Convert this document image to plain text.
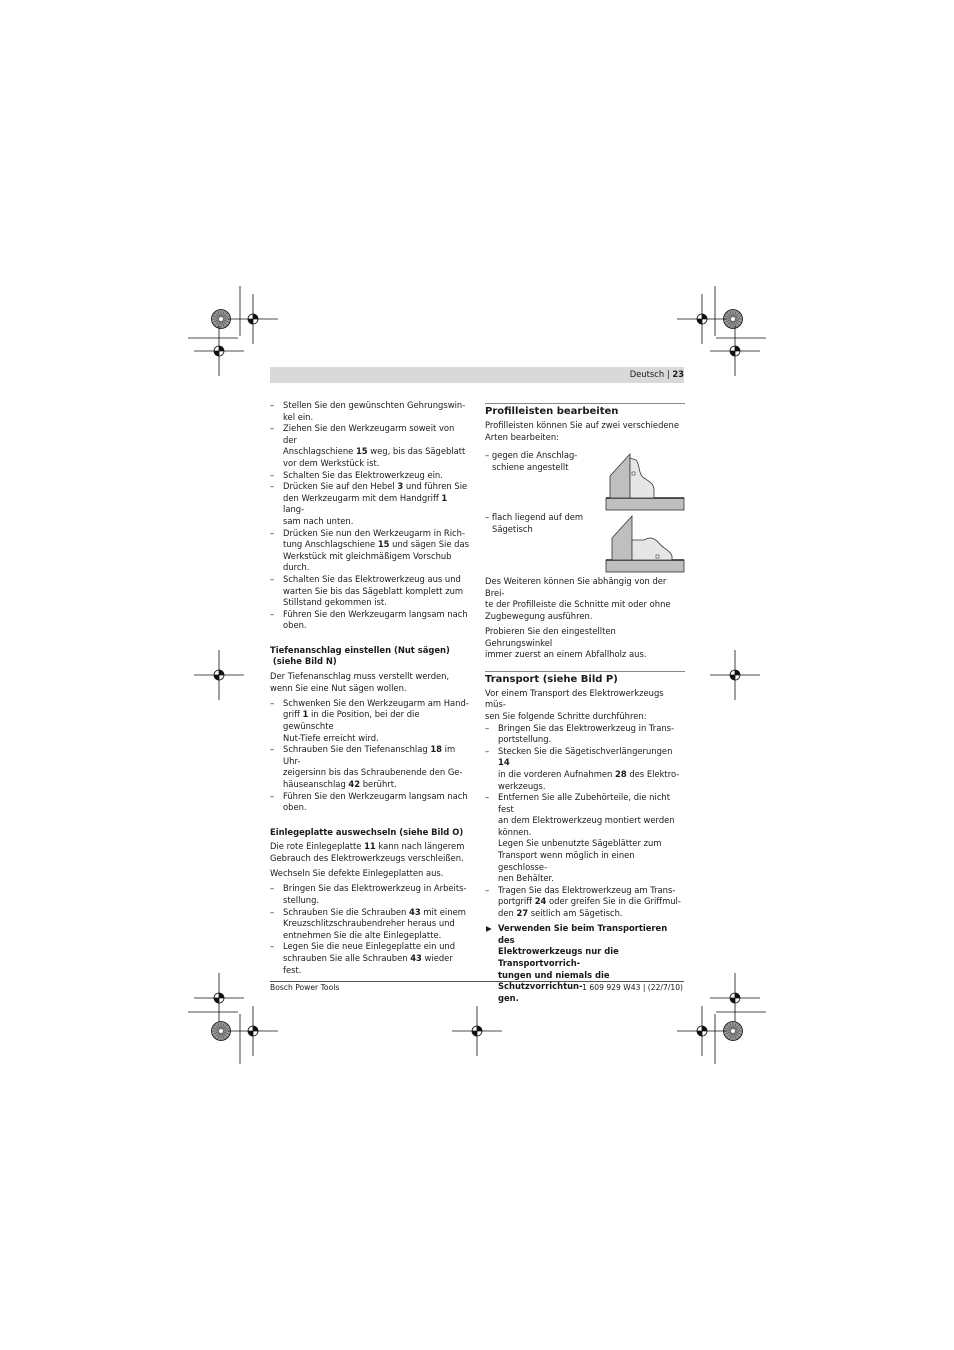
Deutsch | 23
– Stellen Sie den gewünschten Gehrungswin-
kel ein.
– Ziehen Sie den Werkzeugarm soweit von der
Anschlagschiene 15 weg, bis das Sägeblatt
vor dem Werkstück ist.
– Schalten Sie das Elektrowerkzeug ein.
– Drücken Sie auf den Hebel 3 und führen Sie
den Werkzeugarm mit dem Handgriff 1 lang-
sam nach unten.
– Drücken Sie nun den Werkzeugarm in Rich-
tung Anschlagschiene 15 und sägen Sie das
Werkstück mit gleichmäßigem Vorschub
durch.
– Schalten Sie das Elektrowerkzeug aus und
warten Sie bis das Sägeblatt komplett zum
Stillstand gekommen ist.
– Führen Sie den Werkzeugarm langsam nach
oben.
Tiefenanschlag einstellen (Nut sägen)
(siehe Bild N)

Der Tiefenanschlag muss verstellt werden,
wenn Sie eine Nut sägen wollen.

– Schwenken Sie den Werkzeugarm am Hand-
griff 1 in die Position, bei der die gewünschte
Nut-Tiefe erreicht wird.
– Schrauben Sie den Tiefenanschlag 18 im Uhr-
zeigersinn bis das Schraubenende den Ge-
häuseanschlag 42 berührt.
– Führen Sie den Werkzeugarm langsam nach
oben.
Einlegeplatte auswechseln (siehe Bild O)

Die rote Einlegeplatte 11 kann nach längerem
Gebrauch des Elektrowerkzeugs verschleißen.

Wechseln Sie defekte Einlegeplatten aus.

– Bringen Sie das Elektrowerkzeug in Arbeits-
stellung.
– Schrauben Sie die Schrauben 43 mit einem
Kreuzschlitzschraubendreher heraus und
entnehmen Sie die alte Einlegeplatte.
– Legen Sie die neue Einlegeplatte ein und
schrauben Sie alle Schrauben 43 wieder fest.
Profilleisten bearbeiten

Profilleisten können Sie auf zwei verschiedene
Arten bearbeiten:

– gegen die Anschlag-
schiene angestellt
– flach liegend auf dem
Sägetisch

Des Weiteren können Sie abhängig von der Brei-
te der Profilleiste die Schnitte mit oder ohne
Zugbewegung ausführen.

Probieren Sie den eingestellten Gehrungswinkel
immer zuerst an einem Abfallholz aus.

Transport (siehe Bild P)

Vor einem Transport des Elektrowerkzeugs müs-
sen Sie folgende Schritte durchführen:

– Bringen Sie das Elektrowerkzeug in Trans-
portstellung.
– Stecken Sie die Sägetischverlängerungen 14
in die vorderen Aufnahmen 28 des Elektro-
werkzeugs.
– Entfernen Sie alle Zubehörteile, die nicht fest
an dem Elektrowerkzeug montiert werden
können.
Legen Sie unbenutzte Sägeblätter zum
Transport wenn möglich in einen geschlosse-
nen Behälter.
– Tragen Sie das Elektrowerkzeug am Trans-
portgriff 24 oder greifen Sie in die Griffmul-
den 27 seitlich am Sägetisch.
▶ Verwenden Sie beim Transportieren des
Elektrowerkzeugs nur die Transportvorrich-
tungen und niemals die Schutzvorrichtun-
gen.
Bosch Power Tools	1 609 929 W43 | (22/7/10)
